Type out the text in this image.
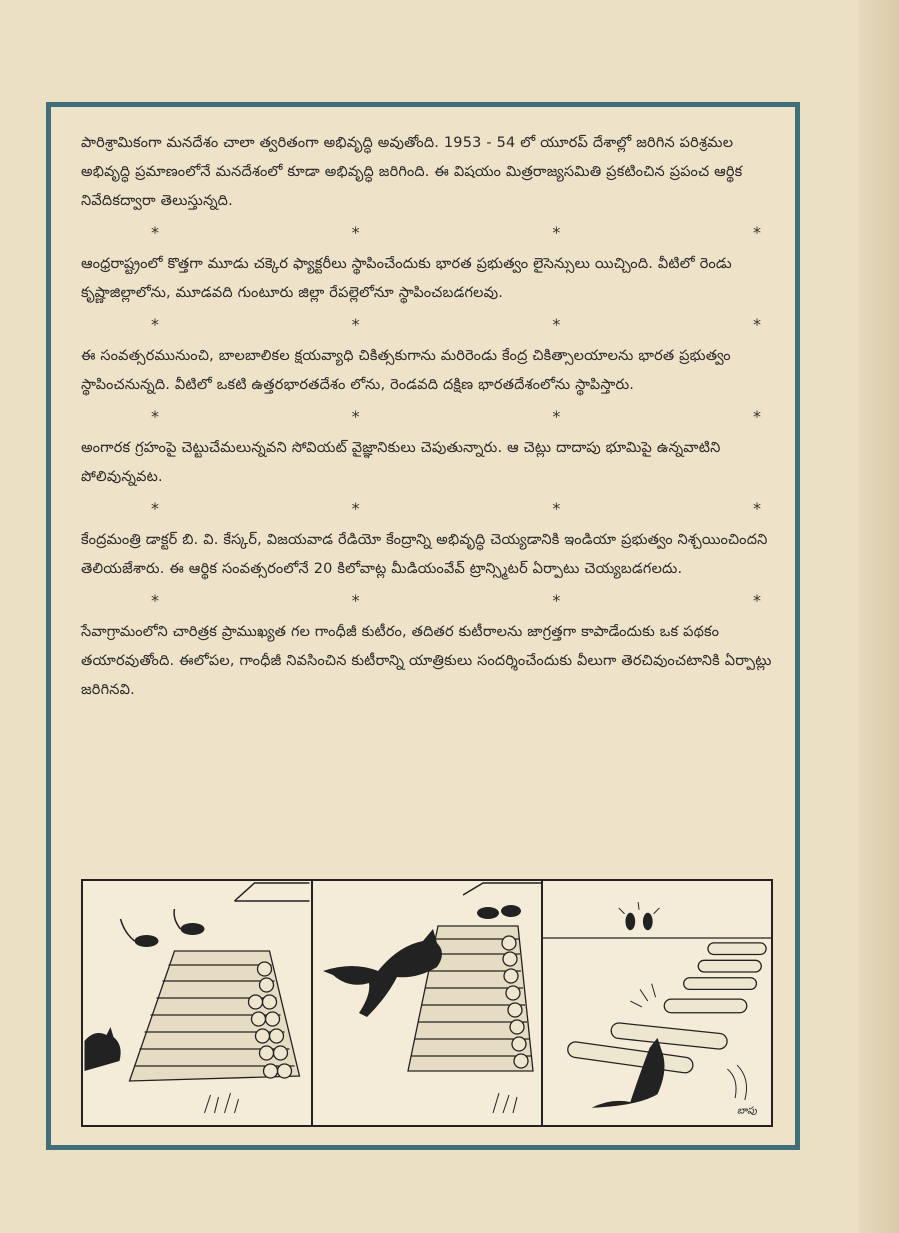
పారిశ్రామికంగా మనదేశం చాలా త్వరితంగా అభివృద్ధి అవుతోంది. 1953 - 54 లో యూరప్ దేశాల్లో జరిగిన పరిశ్రమల అభివృద్ధి ప్రమాణంలోనే మనదేశంలో కూడా అభివృద్ధి జరిగింది. ఈ విషయం మిత్రరాజ్యసమితి ప్రకటించిన ప్రపంచ ఆర్థిక నివేదికద్వారా తెలుస్తున్నది.

*	*	*	*

ఆంధ్రరాష్ట్రంలో కొత్తగా మూడు చక్కెర ఫ్యాక్టరీలు స్థాపించేందుకు భారత ప్రభుత్వం లైసెన్సులు యిచ్చింది. వీటిలో రెండు కృష్ణాజిల్లాలోను, మూడవది గుంటూరు జిల్లా రేపల్లెలోనూ స్థాపించబడగలవు.

*	*	*	*

ఈ సంవత్సరమునుంచి, బాలబాలికల క్షయవ్యాధి చికిత్సకుగాను మరిరెండు కేంద్ర చికిత్సాలయాలను భారత ప్రభుత్వం స్థాపించనున్నది. వీటిలో ఒకటి ఉత్తరభారతదేశం లోను, రెండవది దక్షిణ భారతదేశంలోను స్థాపిస్తారు.

*	*	*	*

అంగారక గ్రహంపై చెట్టుచేమలున్నవని సోవియట్ వైజ్ఞానికులు చెపుతున్నారు. ఆ చెట్లు దాదాపు భూమిపై ఉన్నవాటిని పోలివున్నవట.

*	*	*	*

కేంద్రమంత్రి డాక్టర్ బి. వి. కేస్కర్, విజయవాడ రేడియో కేంద్రాన్ని అభివృద్ధి చెయ్యడానికి ఇండియా ప్రభుత్వం నిశ్చయించిందని తెలియజేశారు. ఈ ఆర్థిక సంవత్సరంలోనే 20 కిలోవాట్ల మీడియంవేవ్ ట్రాన్స్మిటర్ ఏర్పాటు చెయ్యబడగలదు.

*	*	*	*

సేవాగ్రామంలోని చారిత్రక ప్రాముఖ్యత గల గాంధీజీ కుటీరం, తదితర కుటీరాలను జాగ్రత్తగా కాపాడేందుకు ఒక పథకం తయారవుతోంది. ఈలోపల, గాంధీజీ నివసించిన కుటీరాన్ని యాత్రికులు సందర్శించేందుకు వీలుగా తెరచివుంచటానికి ఏర్పాట్లు జరిగినవి.

బాపు
